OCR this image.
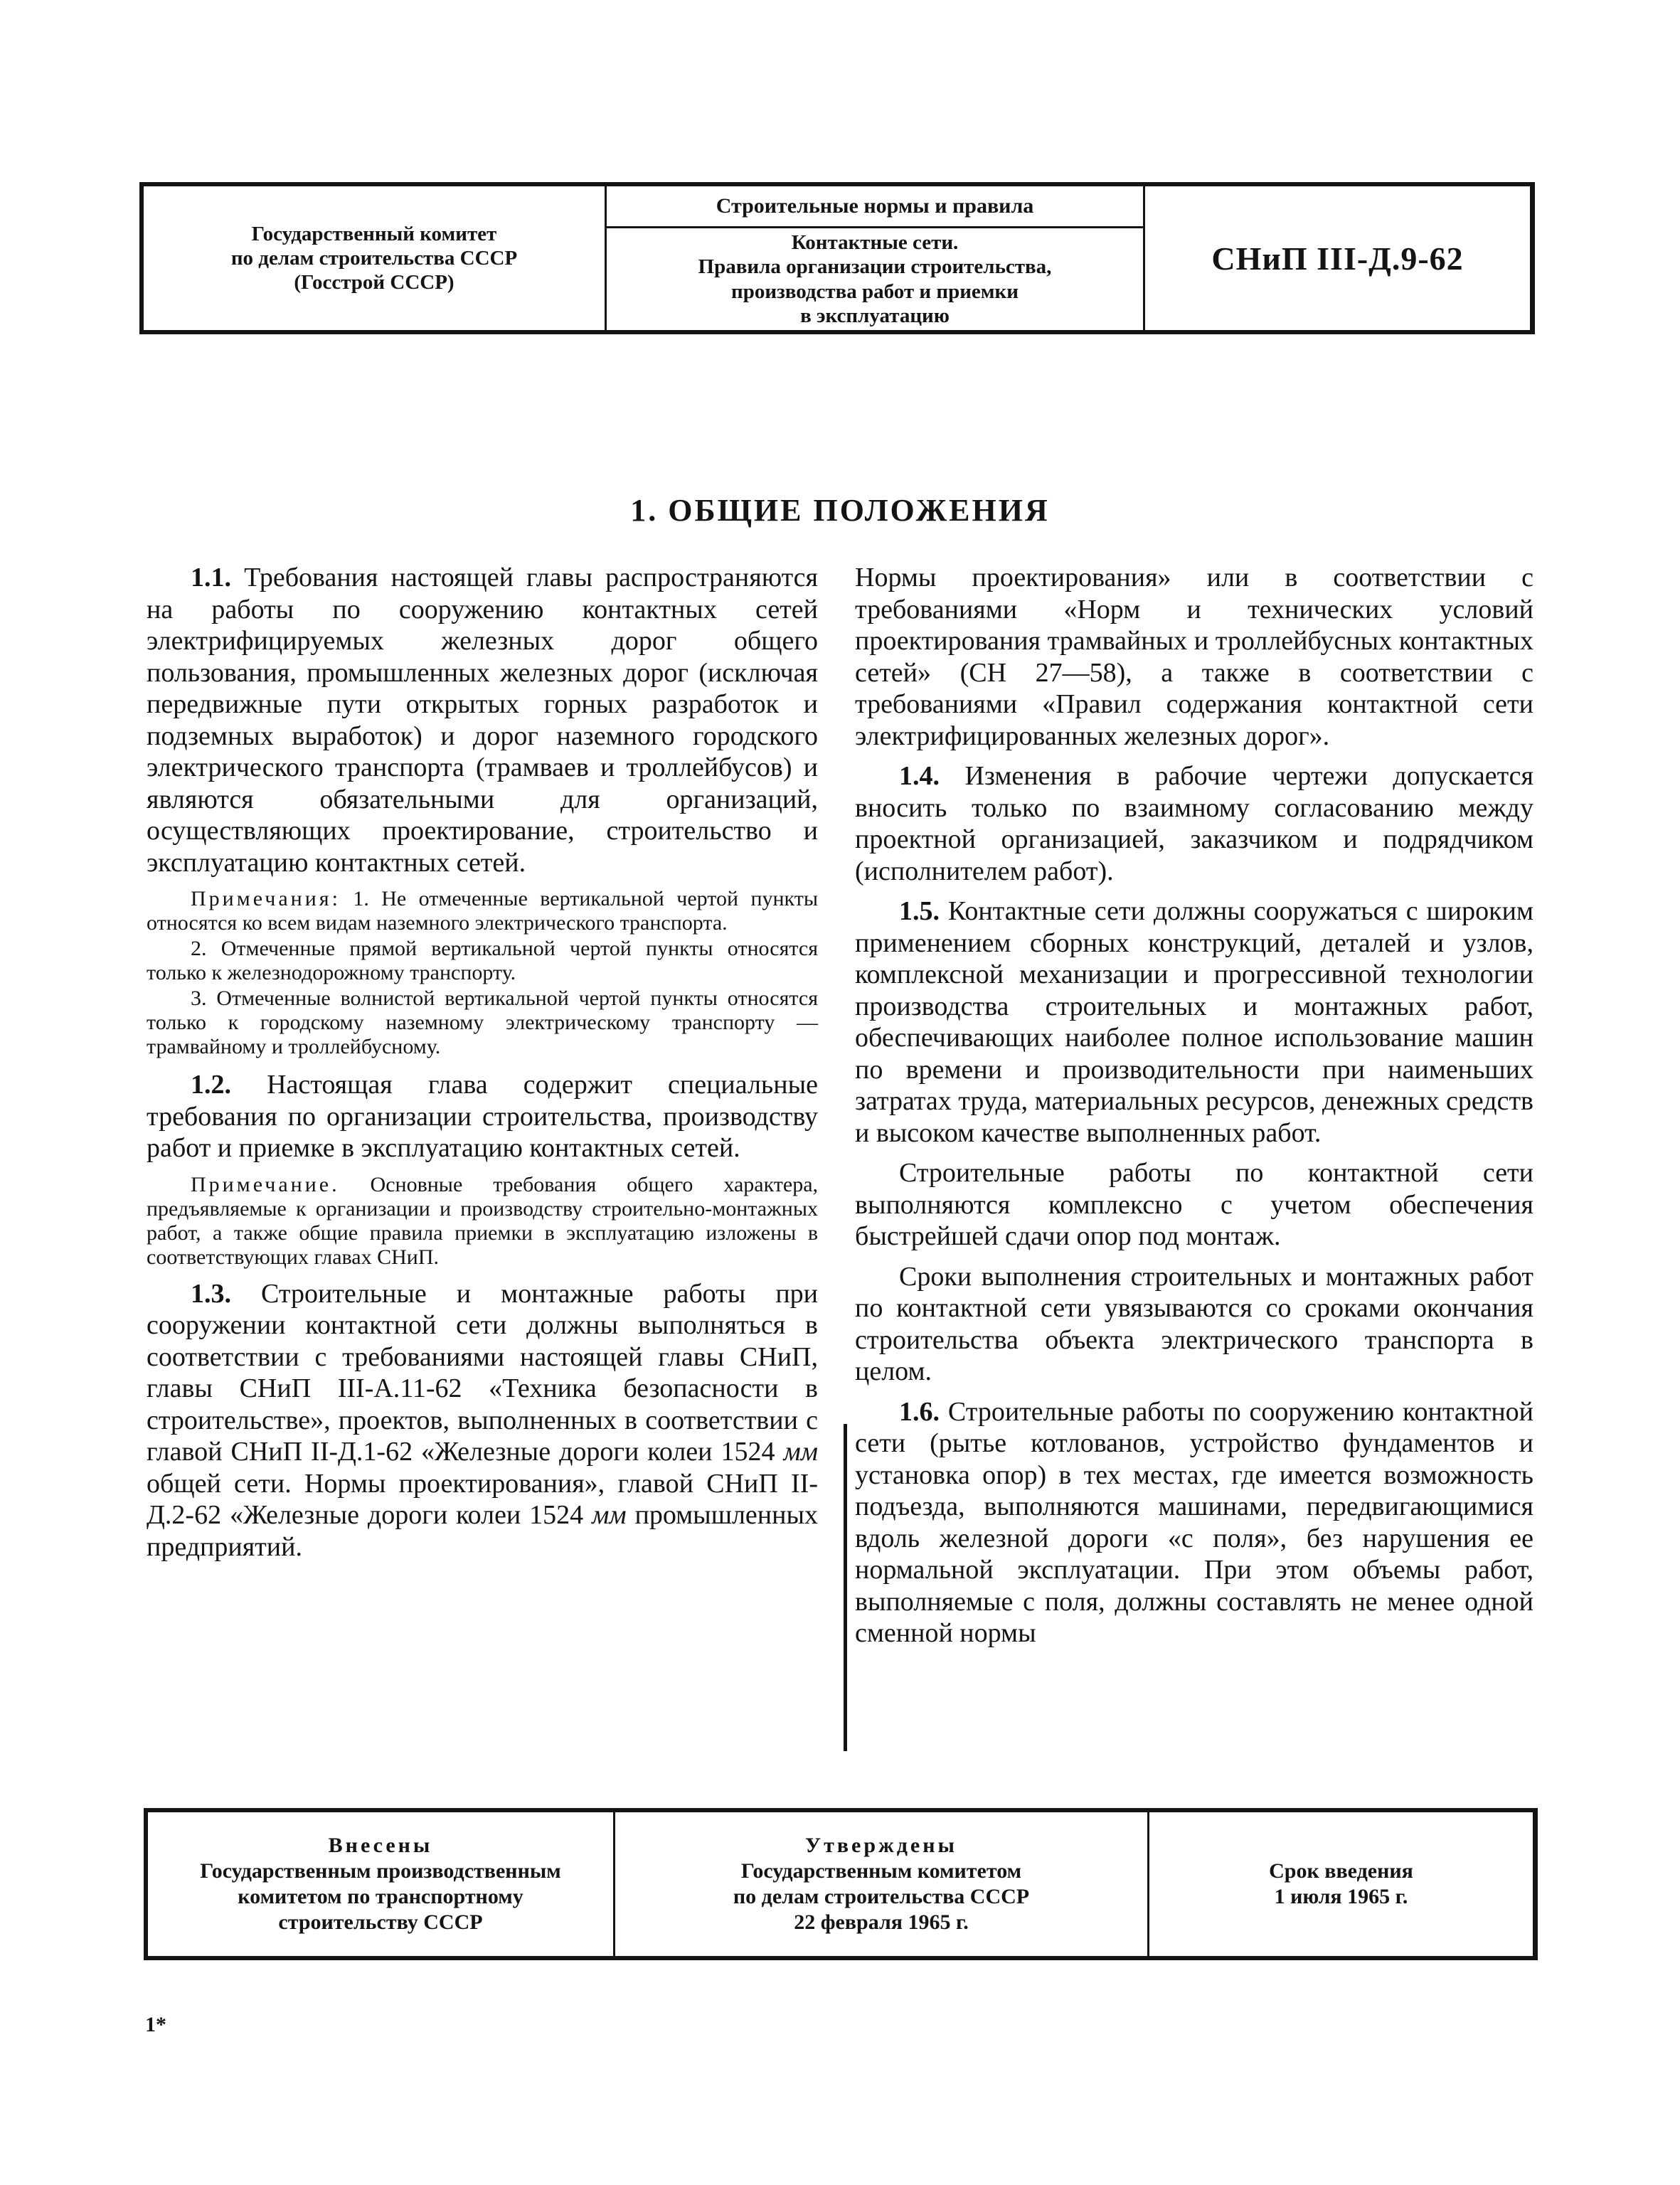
Государственный комитет
по делам строительства СССР
(Госстрой СССР)
Строительные нормы и правила
Контактные сети.
Правила организации строительства,
производства работ и приемки
в эксплуатацию
СНиП III-Д.9-62
1. ОБЩИЕ ПОЛОЖЕНИЯ

1.1. Требования настоящей главы распространяются на работы по сооружению контактных сетей электрифицируемых железных дорог общего пользования, промышленных железных дорог (исключая передвижные пути открытых горных разработок и подземных выработок) и дорог наземного городского электрического транспорта (трамваев и троллейбусов) и являются обязательными для организаций, осуществляющих проектирование, строительство и эксплуатацию контактных сетей.

Примечания: 1. Не отмеченные вертикальной чертой пункты относятся ко всем видам наземного электрического транспорта.

2. Отмеченные прямой вертикальной чертой пункты относятся только к железнодорожному транспорту.

3. Отмеченные волнистой вертикальной чертой пункты относятся только к городскому наземному электрическому транспорту — трамвайному и троллейбусному.

1.2. Настоящая глава содержит специальные требования по организации строительства, производству работ и приемке в эксплуатацию контактных сетей.

Примечание. Основные требования общего характера, предъявляемые к организации и производству строительно-монтажных работ, а также общие правила приемки в эксплуатацию изложены в соответствующих главах СНиП.

1.3. Строительные и монтажные работы при сооружении контактной сети должны выполняться в соответствии с требованиями настоящей главы СНиП, главы СНиП III-А.11-62 «Техника безопасности в строительстве», проектов, выполненных в соответствии с главой СНиП II-Д.1-62 «Железные дороги колеи 1524 мм общей сети. Нормы проектирования», главой СНиП II-Д.2-62 «Железные дороги колеи 1524 мм промышленных предприятий.

Нормы проектирования» или в соответствии с требованиями «Норм и технических условий проектирования трамвайных и троллейбусных контактных сетей» (СН 27—58), а также в соответствии с требованиями «Правил содержания контактной сети электрифицированных железных дорог».

1.4. Изменения в рабочие чертежи допускается вносить только по взаимному согласованию между проектной организацией, заказчиком и подрядчиком (исполнителем работ).

1.5. Контактные сети должны сооружаться с широким применением сборных конструкций, деталей и узлов, комплексной механизации и прогрессивной технологии производства строительных и монтажных работ, обеспечивающих наиболее полное использование машин по времени и производительности при наименьших затратах труда, материальных ресурсов, денежных средств и высоком качестве выполненных работ.

Строительные работы по контактной сети выполняются комплексно с учетом обеспечения быстрейшей сдачи опор под монтаж.

Сроки выполнения строительных и монтажных работ по контактной сети увязываются со сроками окончания строительства объекта электрического транспорта в целом.

1.6. Строительные работы по сооружению контактной сети (рытье котлованов, устройство фундаментов и установка опор) в тех местах, где имеется возможность подъезда, выполняются машинами, передвигающимися вдоль железной дороги «с поля», без нарушения ее нормальной эксплуатации. При этом объемы работ, выполняемые с поля, должны составлять не менее одной сменной нормы

Внесены
Государственным производственным
комитетом по транспортному
строительству СССР
Утверждены
Государственным комитетом
по делам строительства СССР
22 февраля 1965 г.
Срок введения
1 июля 1965 г.
1*
